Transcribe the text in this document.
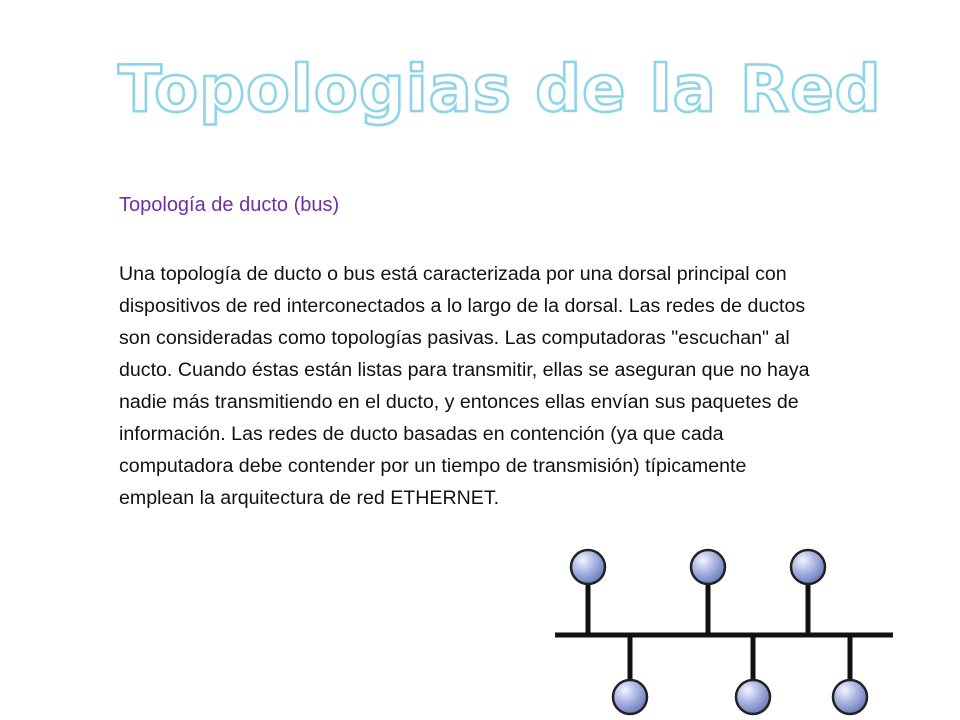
Topologias de la Red

Topología de ducto (bus)

Una topología de ducto o bus está caracterizada por una dorsal principal con dispositivos de red interconectados a lo largo de la dorsal. Las redes de ductos son consideradas como topologías pasivas. Las computadoras "escuchan" al ducto. Cuando éstas están listas para transmitir, ellas se aseguran que no haya nadie más transmitiendo en el ducto, y entonces ellas envían sus paquetes de información. Las redes de ducto basadas en contención (ya que cada computadora debe contender por un tiempo de transmisión) típicamente emplean la arquitectura de red ETHERNET.
